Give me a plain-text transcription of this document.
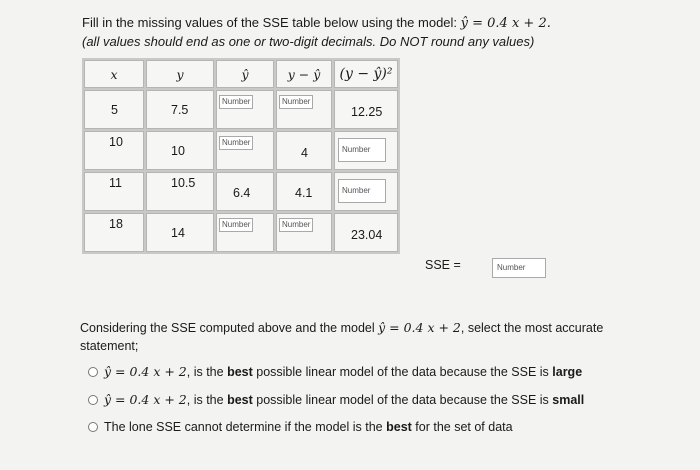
Fill in the missing values of the SSE table below using the model: ŷ = 0.4 x + 2.
(all values should end as one or two-digit decimals. Do NOT round any values)
x	y	ŷ	y − ŷ	(y − ŷ)²

5	7.5	Number	Number	12.25

10	10	Number	4	Number

11	10.5	6.4	4.1	Number

18	14	Number	Number	23.04
SSE =	Number
Considering the SSE computed above and the model ŷ = 0.4 x + 2, select the most accurate statement;
ŷ = 0.4 x + 2, is the best possible linear model of the data because the SSE is large
ŷ = 0.4 x + 2, is the best possible linear model of the data because the SSE is small
The lone SSE cannot determine if the model is the best for the set of data
